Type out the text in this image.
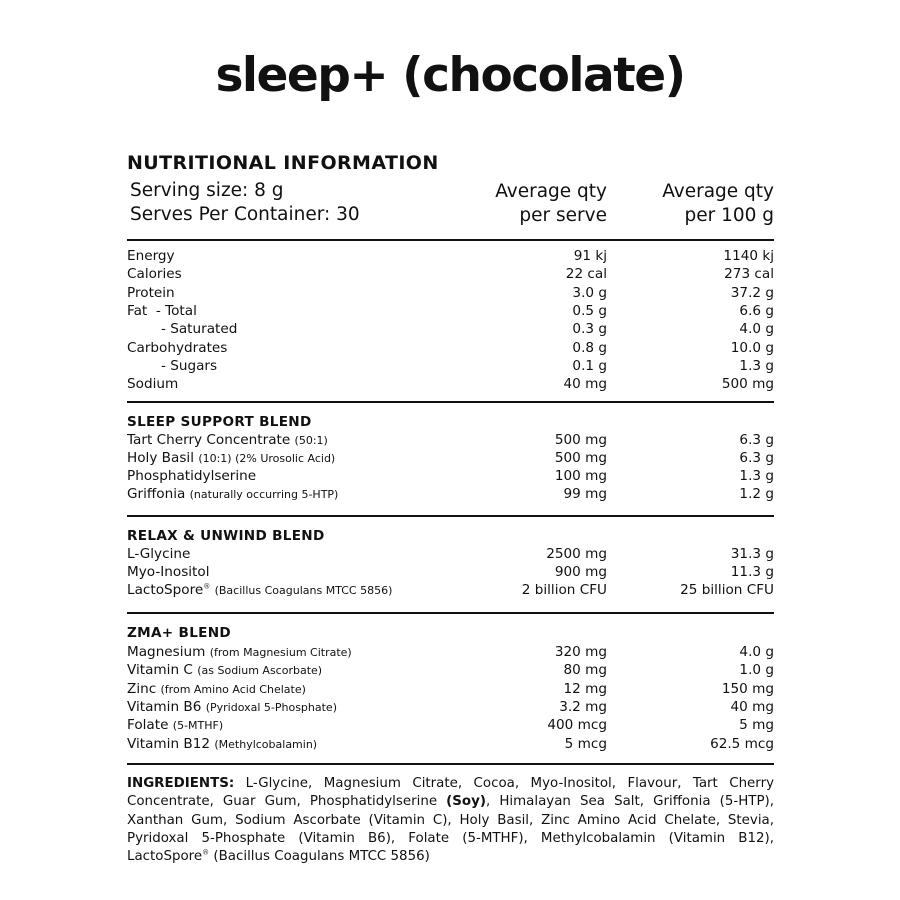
sleep+ (chocolate)
NUTRITIONAL INFORMATION
Serving size: 8 g
Serves Per Container: 30
Average qty
per serve
Average qty
per 100 g
Energy	91 kj	1140 kj
Calories	22 cal	273 cal
Protein	3.0 g	37.2 g
Fat  - Total	0.5 g	6.6 g
- Saturated	0.3 g	4.0 g
Carbohydrates	0.8 g	10.0 g
- Sugars	0.1 g	1.3 g
Sodium	40 mg	500 mg
SLEEP SUPPORT BLEND
Tart Cherry Concentrate (50:1)	500 mg	6.3 g
Holy Basil (10:1) (2% Urosolic Acid)	500 mg	6.3 g
Phosphatidylserine	100 mg	1.3 g
Griffonia (naturally occurring 5-HTP)	99 mg	1.2 g
RELAX & UNWIND BLEND
L-Glycine	2500 mg	31.3 g
Myo-Inositol	900 mg	11.3 g
LactoSpore® (Bacillus Coagulans MTCC 5856)	2 billion CFU	25 billion CFU
ZMA+ BLEND
Magnesium (from Magnesium Citrate)	320 mg	4.0 g
Vitamin C (as Sodium Ascorbate)	80 mg	1.0 g
Zinc (from Amino Acid Chelate)	12 mg	150 mg
Vitamin B6 (Pyridoxal 5-Phosphate)	3.2 mg	40 mg
Folate (5-MTHF)	400 mcg	5 mg
Vitamin B12 (Methylcobalamin)	5 mcg	62.5 mcg
INGREDIENTS: L-Glycine, Magnesium Citrate, Cocoa, Myo-Inositol, Flavour, Tart Cherry Concentrate, Guar Gum, Phosphatidylserine (Soy), Himalayan Sea Salt, Griffonia (5-HTP), Xanthan Gum, Sodium Ascorbate (Vitamin C), Holy Basil, Zinc Amino Acid Chelate, Stevia, Pyridoxal 5-Phosphate (Vitamin B6), Folate (5-MTHF), Methylcobalamin (Vitamin B12), LactoSpore® (Bacillus Coagulans MTCC 5856)
